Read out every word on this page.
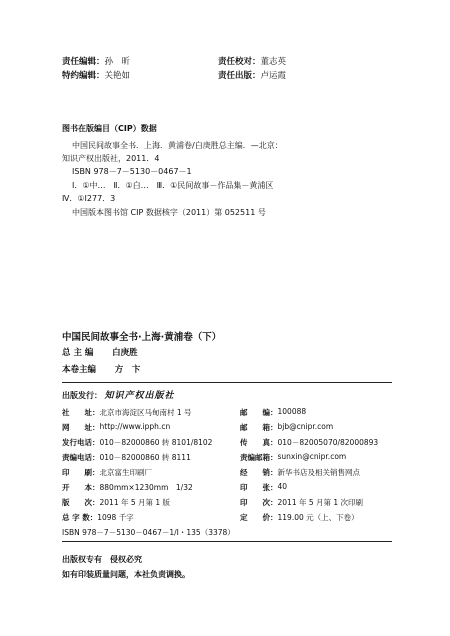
责任编辑：孙　昕
特约编辑：关艳如
责任校对：董志英
责任出版：卢运霞
图书在版编目（CIP）数据
中国民间故事全书．上海．黄浦卷/白庚胜总主编．—北京：
知识产权出版社，2011．4
ISBN 978－7－5130－0467－1
Ⅰ．①中…　Ⅱ．①白…　Ⅲ．①民间故事－作品集－黄浦区
Ⅳ．①I277．3
中国版本图书馆 CIP 数据核字（2011）第 052511 号
中国民间故事全书·上海·黄浦卷（下）
总 主 编 白庚胜
本卷主编 方　卞
出版发行： 知识产权出版社
社　　址： 北京市海淀区马甸南村 1 号
网　　址： http://www.ipph.cn
发行电话： 010－82000860 转 8101/8102
责编电话： 010－82000860 转 8111
印　　刷： 北京富生印刷厂
开　　本： 880mm×1230mm　1/32
版　　次： 2011 年 5 月第 1 版
总 字 数： 1098 千字
邮　　编： 100088
邮　　箱： bjb@cnipr.com
传　　真： 010－82005070/82000893
责编邮箱： sunxin@cnipr.com
经　　销： 新华书店及相关销售网点
印　　张： 40
印　　次： 2011 年 5 月第 1 次印刷
定　　价： 119.00 元（上、下卷）
ISBN 978－7－5130－0467－1/I・135（3378）
出版权专有　侵权必究
如有印装质量问题，本社负责调换。
